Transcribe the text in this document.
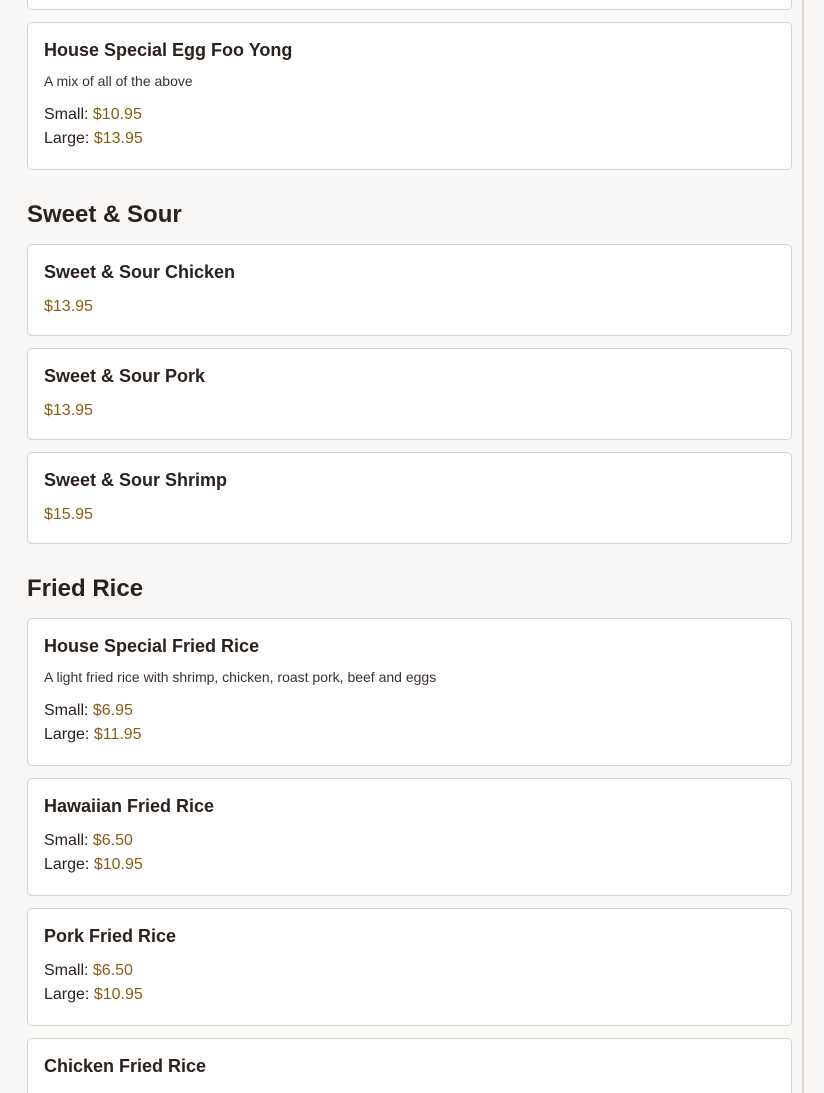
House Special Egg Foo Yong
A mix of all of the above
Small: $10.95
Large: $13.95
Sweet & Sour
Sweet & Sour Chicken
$13.95
Sweet & Sour Pork
$13.95
Sweet & Sour Shrimp
$15.95
Fried Rice
House Special Fried Rice
A light fried rice with shrimp, chicken, roast pork, beef and eggs
Small: $6.95
Large: $11.95
Hawaiian Fried Rice
Small: $6.50
Large: $10.95
Pork Fried Rice
Small: $6.50
Large: $10.95
Chicken Fried Rice
